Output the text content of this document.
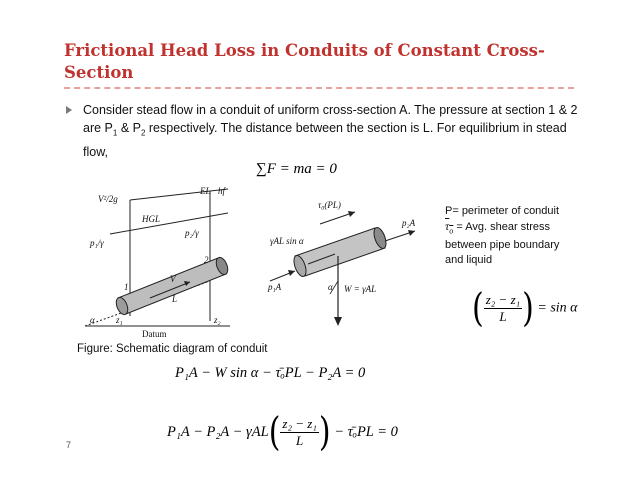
Frictional Head Loss in Conduits of Constant Cross-Section
Consider stead flow in a conduit of uniform cross-section A. The pressure at section 1 & 2 are $P_1$ & $P_2$ respectively. The distance between the section is L. For equilibrium in stead flow,
∑F = ma = 0
V²/2g
EL hf
HGL
p₁/γ
p₂/γ
1
2
V
L
α z₁	z₂
Datum
γAL sin α
τ₀(PL)
p₂A
p₁A	W = γAL
α
P= perimeter of conduit
$\tau_o$ = Avg. shear stress
between pipe boundary
and liquid
( $\frac{\text{z₂ − z₁}}{L}$ ) = sin α
Figure: Schematic diagram of conduit
P₁A − W sin α − τ̄ₒPL − P₂A = 0
$P_1A - P_2A - \gamma AL( \frac{\text{z₂ − z₁}}{L}$ ) − τ̄ₒPL = 0
7
